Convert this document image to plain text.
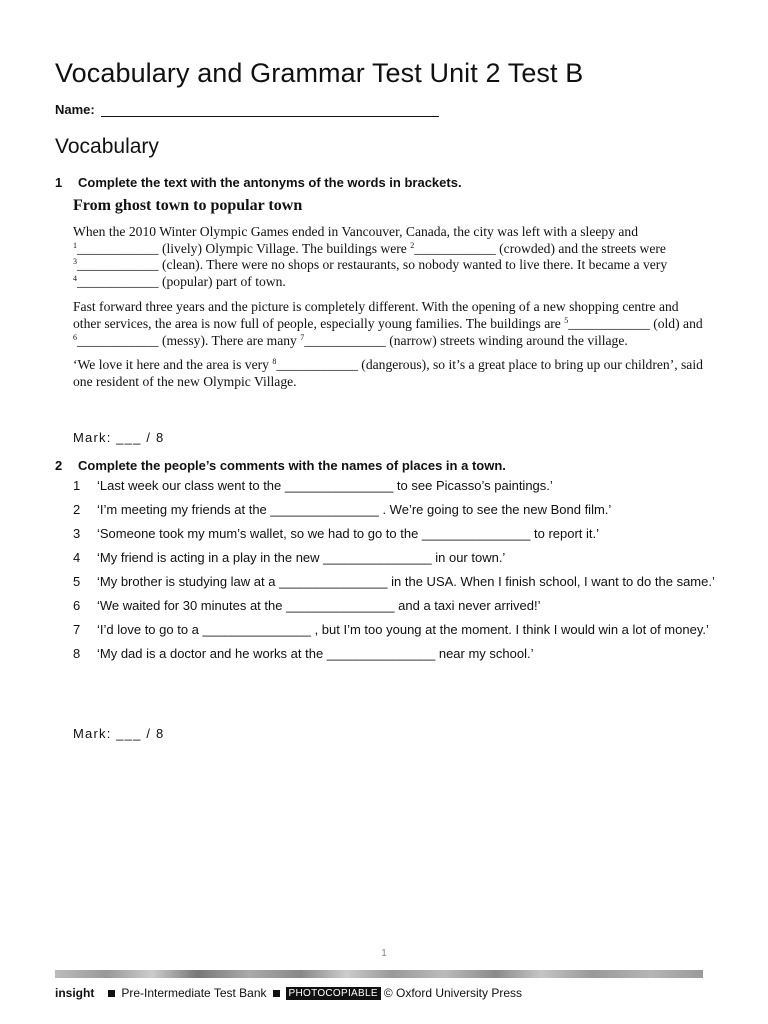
Vocabulary and Grammar Test Unit 2 Test B
Name:
Vocabulary
1	Complete the text with the antonyms of the words in brackets.
From ghost town to popular town

When the 2010 Winter Olympic Games ended in Vancouver, Canada, the city was left with a sleepy and $^1$____________ (lively) Olympic Village. The buildings were $^2$____________ (crowded) and the streets were $^3$____________ (clean). There were no shops or restaurants, so nobody wanted to live there. It became a very $^4$____________ (popular) part of town.

Fast forward three years and the picture is completely different. With the opening of a new shopping centre and other services, the area is now full of people, especially young families. The buildings are $^5$____________ (old) and $^6$____________ (messy). There are many $^7$____________ (narrow) streets winding around the village.

‘We love it here and the area is very $^8$____________ (dangerous), so it’s a great place to bring up our children’, said one resident of the new Olympic Village.

Mark: ___ / 8
2	Complete the people’s comments with the names of places in a town.
1	‘Last week our class went to the _______________ to see Picasso’s paintings.’
2	‘I’m meeting my friends at the _______________ . We’re going to see the new Bond film.’
3	‘Someone took my mum’s wallet, so we had to go to the _______________ to report it.’
4	‘My friend is acting in a play in the new _______________ in our town.’
5	‘My brother is studying law at a _______________ in the USA. When I finish school, I want to do the same.’
6	‘We waited for 30 minutes at the _______________ and a taxi never arrived!’
7	‘I’d love to go to a _______________ , but I’m too young at the moment. I think I would win a lot of money.’
8	‘My dad is a doctor and he works at the _______________ near my school.’
Mark: ___ / 8
1
insight Pre-Intermediate Test Bank	PHOTOCOPIABLE © Oxford University Press
